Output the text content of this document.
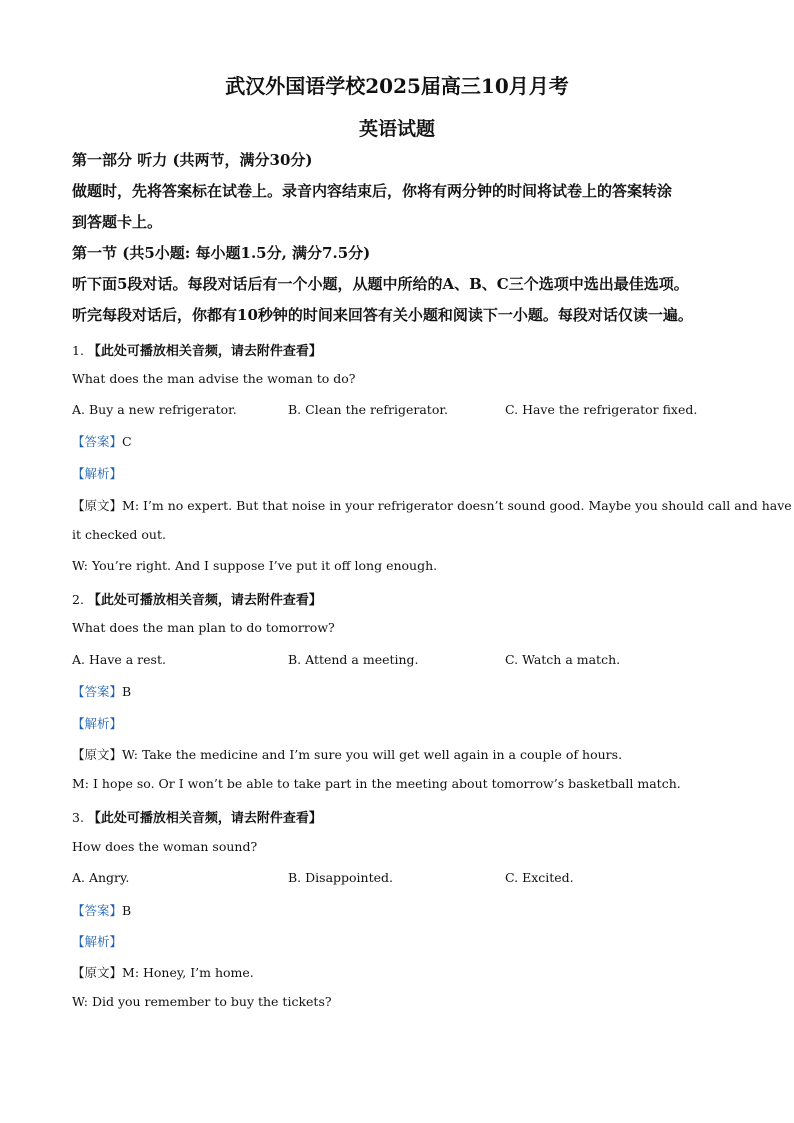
武汉外国语学校2025届高三10月月考
英语试题
第一部分 听力 (共两节，满分30分)
做题时，先将答案标在试卷上。录音内容结束后，你将有两分钟的时间将试卷上的答案转涂
到答题卡上。
第一节 (共5小题: 每小题1.5分, 满分7.5分)
听下面5段对话。每段对话后有一个小题，从题中所给的A、B、C三个选项中选出最佳选项。
听完每段对话后，你都有10秒钟的时间来回答有关小题和阅读下一小题。每段对话仅读一遍。
1. 【此处可播放相关音频，请去附件查看】
What does the man advise the woman to do?
A. Buy a new refrigerator.	B. Clean the refrigerator.	C. Have the refrigerator fixed.
【答案】C
【解析】
【原文】M: I’m no expert. But that noise in your refrigerator doesn’t sound good. Maybe you should call and have
it checked out.
W: You’re right. And I suppose I’ve put it off long enough.
2. 【此处可播放相关音频，请去附件查看】
What does the man plan to do tomorrow?
A. Have a rest.	B. Attend a meeting.	C. Watch a match.
【答案】B
【解析】
【原文】W: Take the medicine and I’m sure you will get well again in a couple of hours.
M: I hope so. Or I won’t be able to take part in the meeting about tomorrow’s basketball match.
3. 【此处可播放相关音频，请去附件查看】
How does the woman sound?
A. Angry.	B. Disappointed.	C. Excited.
【答案】B
【解析】
【原文】M: Honey, I’m home.
W: Did you remember to buy the tickets?
